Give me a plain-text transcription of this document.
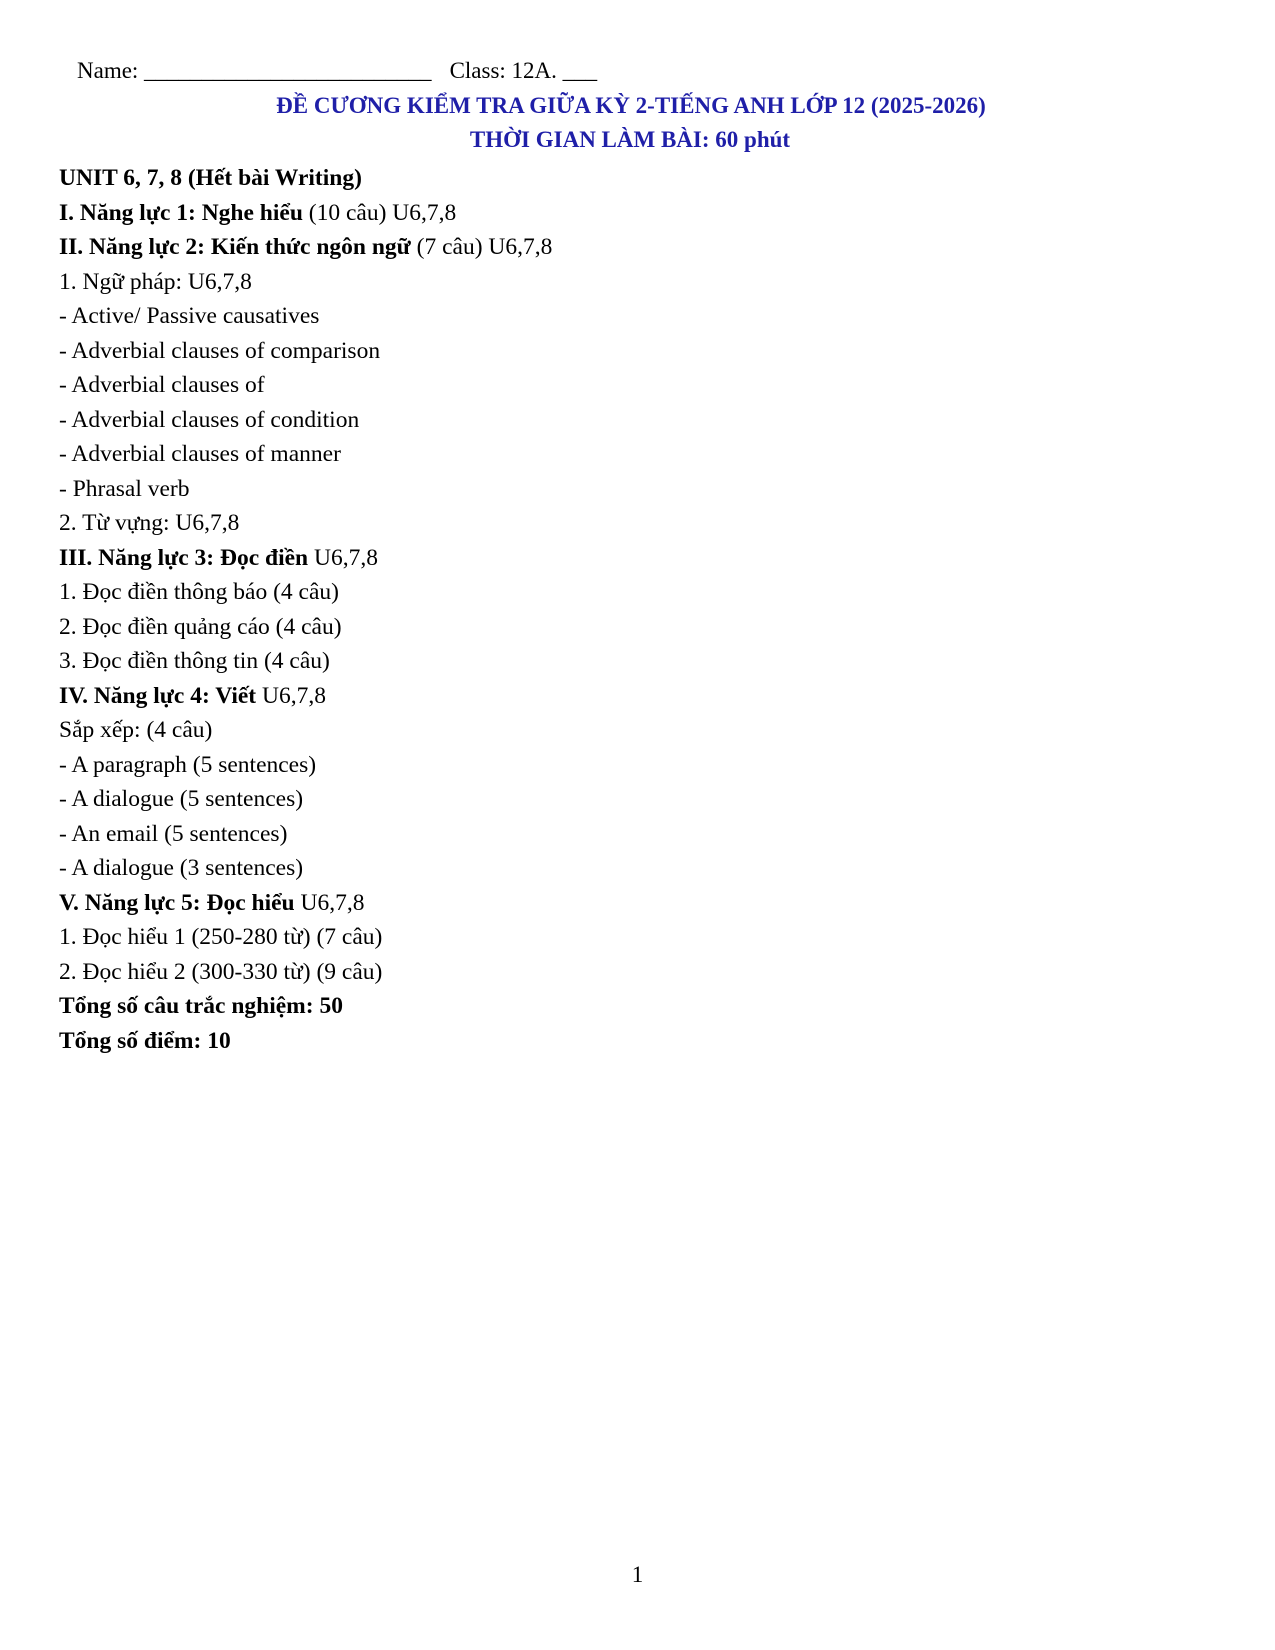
Name: _________________________ Class: 12A. ___
ĐỀ CƯƠNG KIỂM TRA GIỮA KỲ 2-TIẾNG ANH LỚP 12 (2025-2026)
THỜI GIAN LÀM BÀI: 60 phút
UNIT 6, 7, 8 (Hết bài Writing)
I. Năng lực 1: Nghe hiểu (10 câu) U6,7,8
II. Năng lực 2: Kiến thức ngôn ngữ (7 câu) U6,7,8
1. Ngữ pháp: U6,7,8
- Active/ Passive causatives
- Adverbial clauses of comparison
- Adverbial clauses of
- Adverbial clauses of condition
- Adverbial clauses of manner
- Phrasal verb
2. Từ vựng: U6,7,8
III. Năng lực 3: Đọc điền U6,7,8
1. Đọc điền thông báo (4 câu)
2. Đọc điền quảng cáo (4 câu)
3. Đọc điền thông tin (4 câu)
IV. Năng lực 4: Viết U6,7,8
Sắp xếp: (4 câu)
- A paragraph (5 sentences)
- A dialogue (5 sentences)
- An email (5 sentences)
- A dialogue (3 sentences)
V. Năng lực 5: Đọc hiểu U6,7,8
1. Đọc hiểu 1 (250-280 từ) (7 câu)
2. Đọc hiểu 2 (300-330 từ) (9 câu)
Tổng số câu trắc nghiệm: 50
Tổng số điểm: 10
1
